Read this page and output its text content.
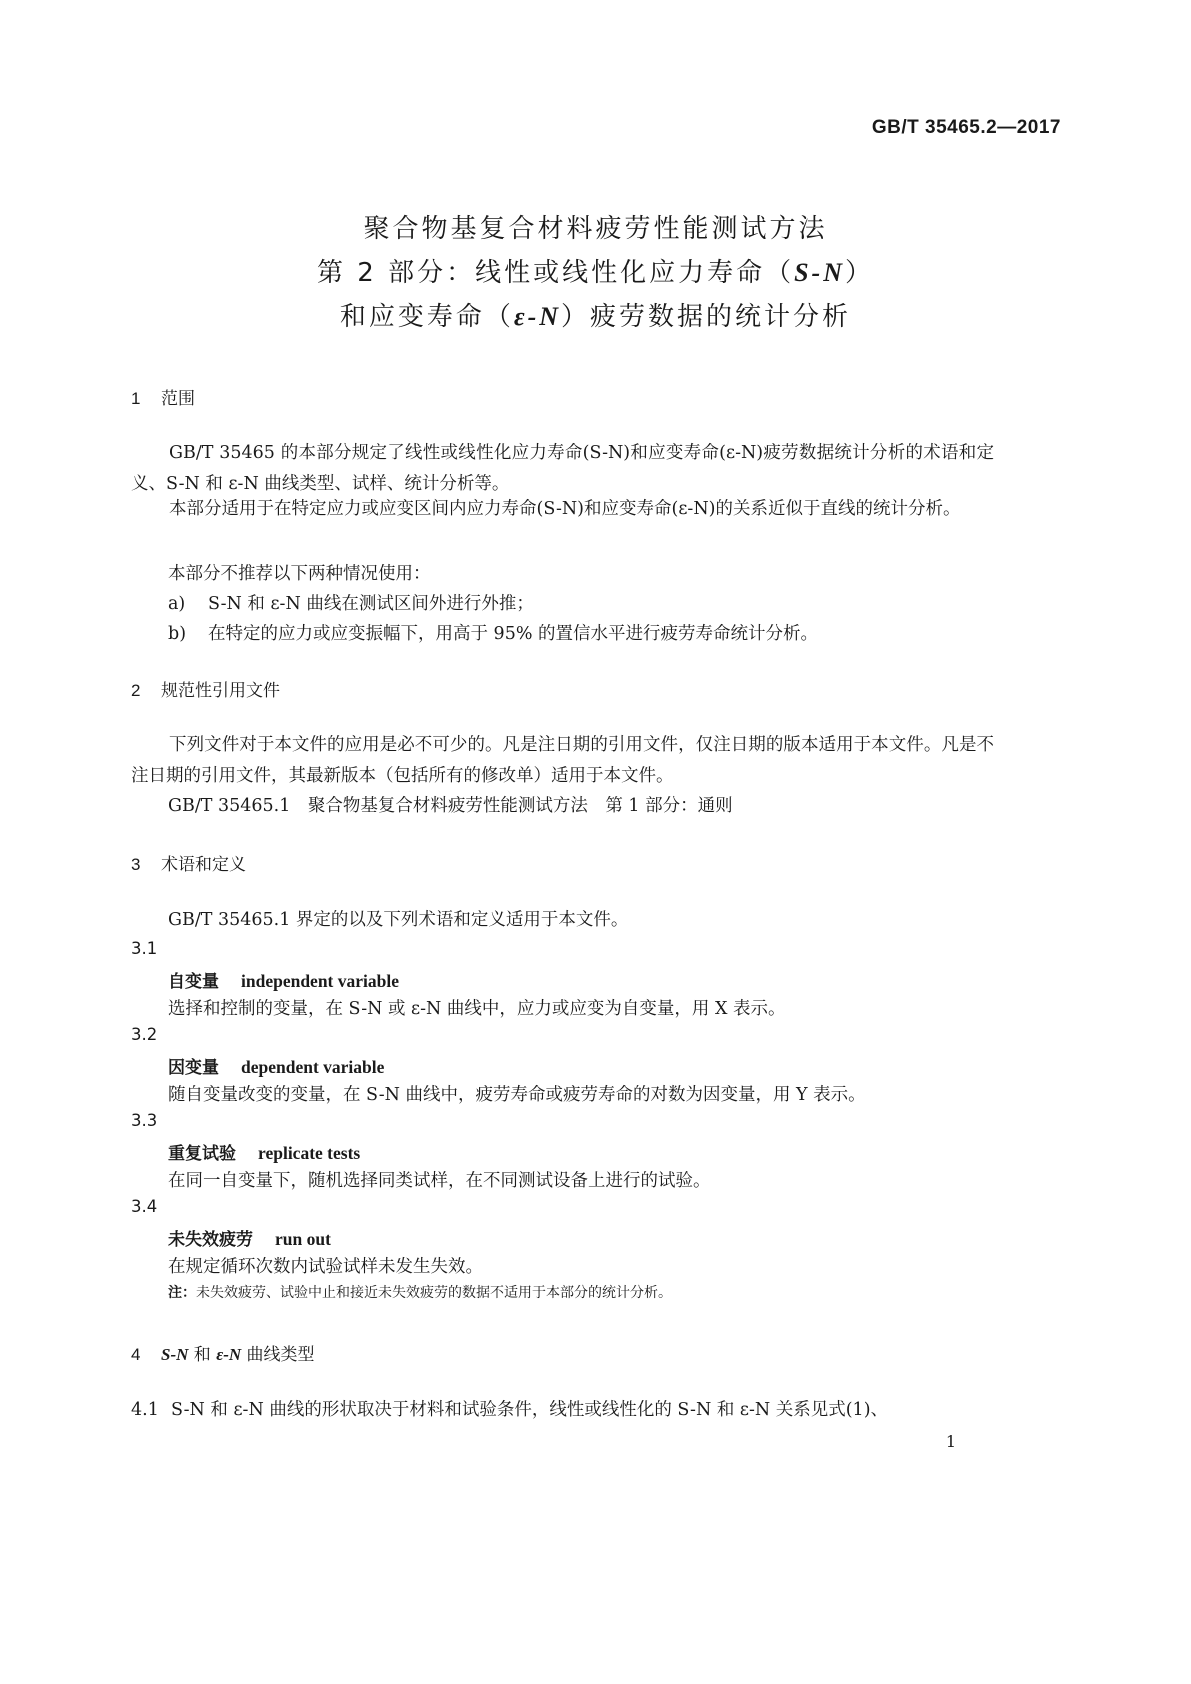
GB/T 35465.2—2017
聚合物基复合材料疲劳性能测试方法
第 2 部分：线性或线性化应力寿命（S-N）
和应变寿命（ε-N）疲劳数据的统计分析
1 范围
GB/T 35465 的本部分规定了线性或线性化应力寿命(S-N)和应变寿命(ε-N)疲劳数据统计分析的术语和定义、S-N 和 ε-N 曲线类型、试样、统计分析等。
本部分适用于在特定应力或应变区间内应力寿命(S-N)和应变寿命(ε-N)的关系近似于直线的统计分析。
本部分不推荐以下两种情况使用：
a) S-N 和 ε-N 曲线在测试区间外进行外推；
b) 在特定的应力或应变振幅下，用高于 95% 的置信水平进行疲劳寿命统计分析。
2 规范性引用文件
下列文件对于本文件的应用是必不可少的。凡是注日期的引用文件，仅注日期的版本适用于本文件。凡是不注日期的引用文件，其最新版本（包括所有的修改单）适用于本文件。
GB/T 35465.1　聚合物基复合材料疲劳性能测试方法　第 1 部分：通则
3 术语和定义
GB/T 35465.1 界定的以及下列术语和定义适用于本文件。
3.1
自变量 independent variable
选择和控制的变量，在 S-N 或 ε-N 曲线中，应力或应变为自变量，用 X 表示。
3.2
因变量 dependent variable
随自变量改变的变量，在 S-N 曲线中，疲劳寿命或疲劳寿命的对数为因变量，用 Y 表示。
3.3
重复试验 replicate tests
在同一自变量下，随机选择同类试样，在不同测试设备上进行的试验。
3.4
未失效疲劳 run out
在规定循环次数内试验试样未发生失效。
注：未失效疲劳、试验中止和接近未失效疲劳的数据不适用于本部分的统计分析。
4 S-N 和 ε-N 曲线类型
4.1 S-N 和 ε-N 曲线的形状取决于材料和试验条件，线性或线性化的 S-N 和 ε-N 关系见式(1)、
1
